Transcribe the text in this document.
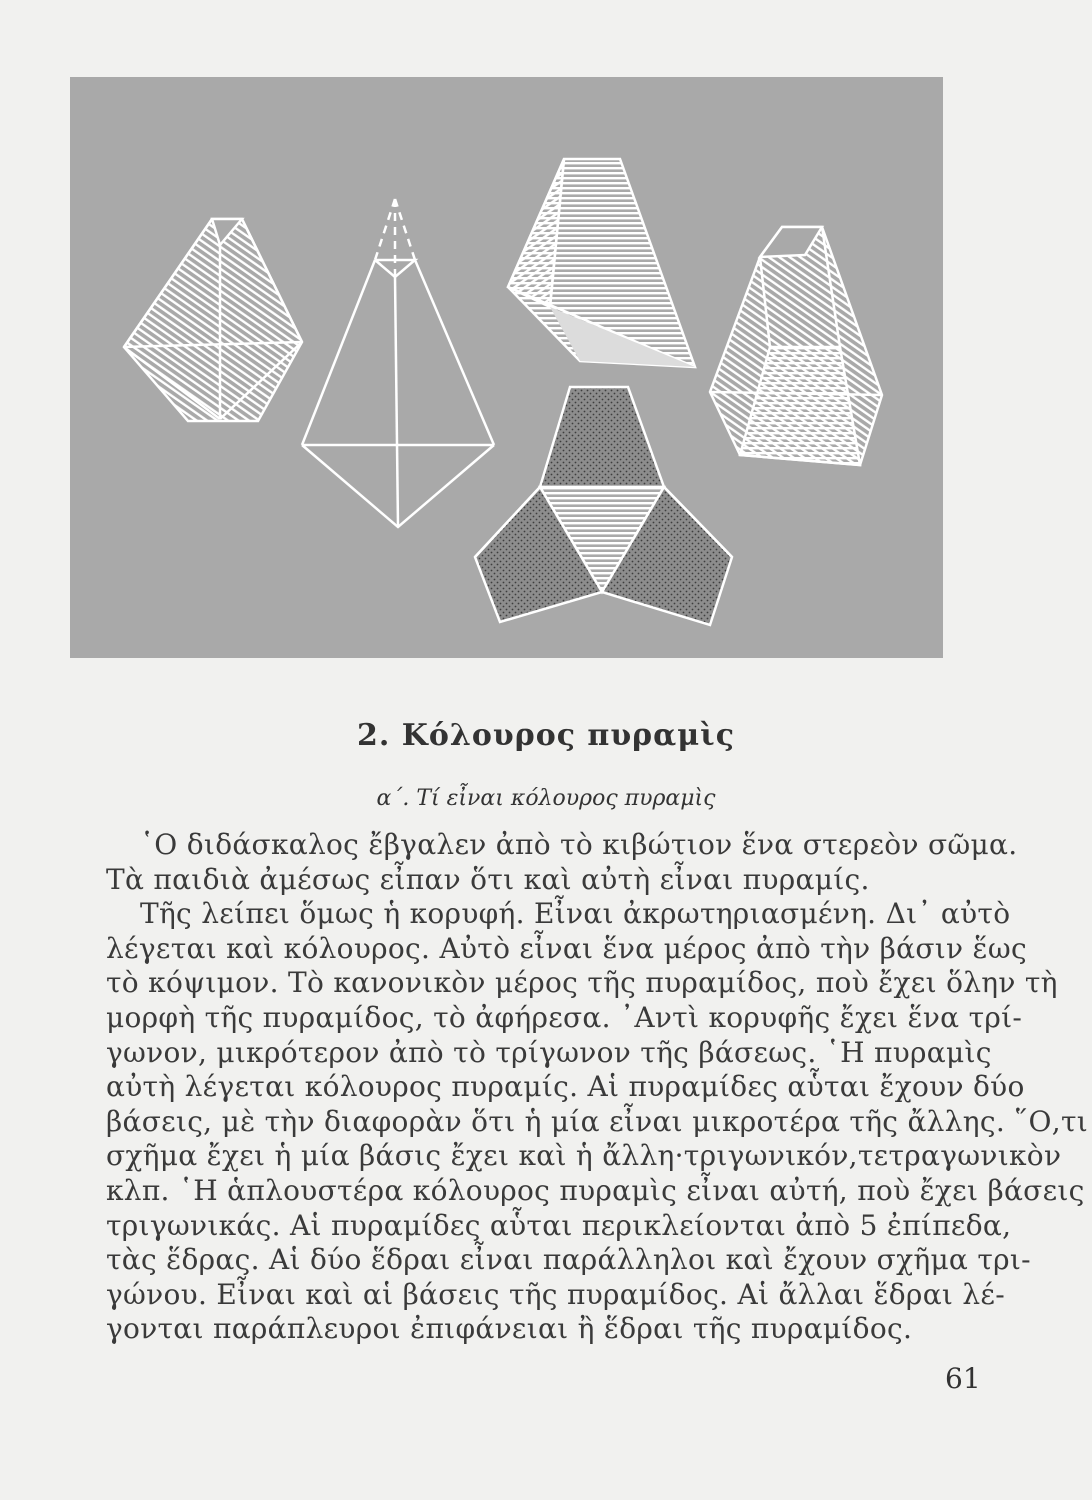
2. Κόλουρος πυραμὶς
α΄. Τί εἶναι κόλουρος πυραμὶς
῾Ο διδάσκαλος ἔβγαλεν ἀπὸ τὸ κιβώτιον ἕνα στερεὸν σῶμα.
Τὰ παιδιὰ ἀμέσως εἶπαν ὅτι καὶ αὐτὴ εἶναι πυραμίς.
Τῆς λείπει ὅμως ἡ κορυφή. Εἶναι ἀκρωτηριασμένη. Δι᾿ αὐτὸ
λέγεται καὶ κόλουρος. Αὐτὸ εἶναι ἕνα μέρος ἀπὸ τὴν βάσιν ἕως
τὸ κόψιμον. Τὸ κανονικὸν μέρος τῆς πυραμίδος, ποὺ ἔχει ὅλην τὴ
μορφὴ τῆς πυραμίδος, τὸ ἀφήρεσα. ᾿Αντὶ κορυφῆς ἔχει ἕνα τρί-
γωνον, μικρότερον ἀπὸ τὸ τρίγωνον τῆς βάσεως. ῾Η πυραμὶς
αὐτὴ λέγεται κόλουρος πυραμίς. Αἱ πυραμίδες αὗται ἔχουν δύο
βάσεις, μὲ τὴν διαφορὰν ὅτι ἡ μία εἶναι μικροτέρα τῆς ἄλλης. ῞Ο,τι
σχῆμα ἔχει ἡ μία βάσις ἔχει καὶ ἡ ἄλλη·τριγωνικόν,τετραγωνικὸν
κλπ. ῾Η ἁπλουστέρα κόλουρος πυραμὶς εἶναι αὐτή, ποὺ ἔχει βάσεις
τριγωνικάς. Αἱ πυραμίδες αὗται περικλείονται ἀπὸ 5 ἐπίπεδα,
τὰς ἕδρας. Αἱ δύο ἕδραι εἶναι παράλληλοι καὶ ἔχουν σχῆμα τρι-
γώνου. Εἶναι καὶ αἱ βάσεις τῆς πυραμίδος. Αἱ ἄλλαι ἕδραι λέ-
γονται παράπλευροι ἐπιφάνειαι ἢ ἕδραι τῆς πυραμίδος.
61
